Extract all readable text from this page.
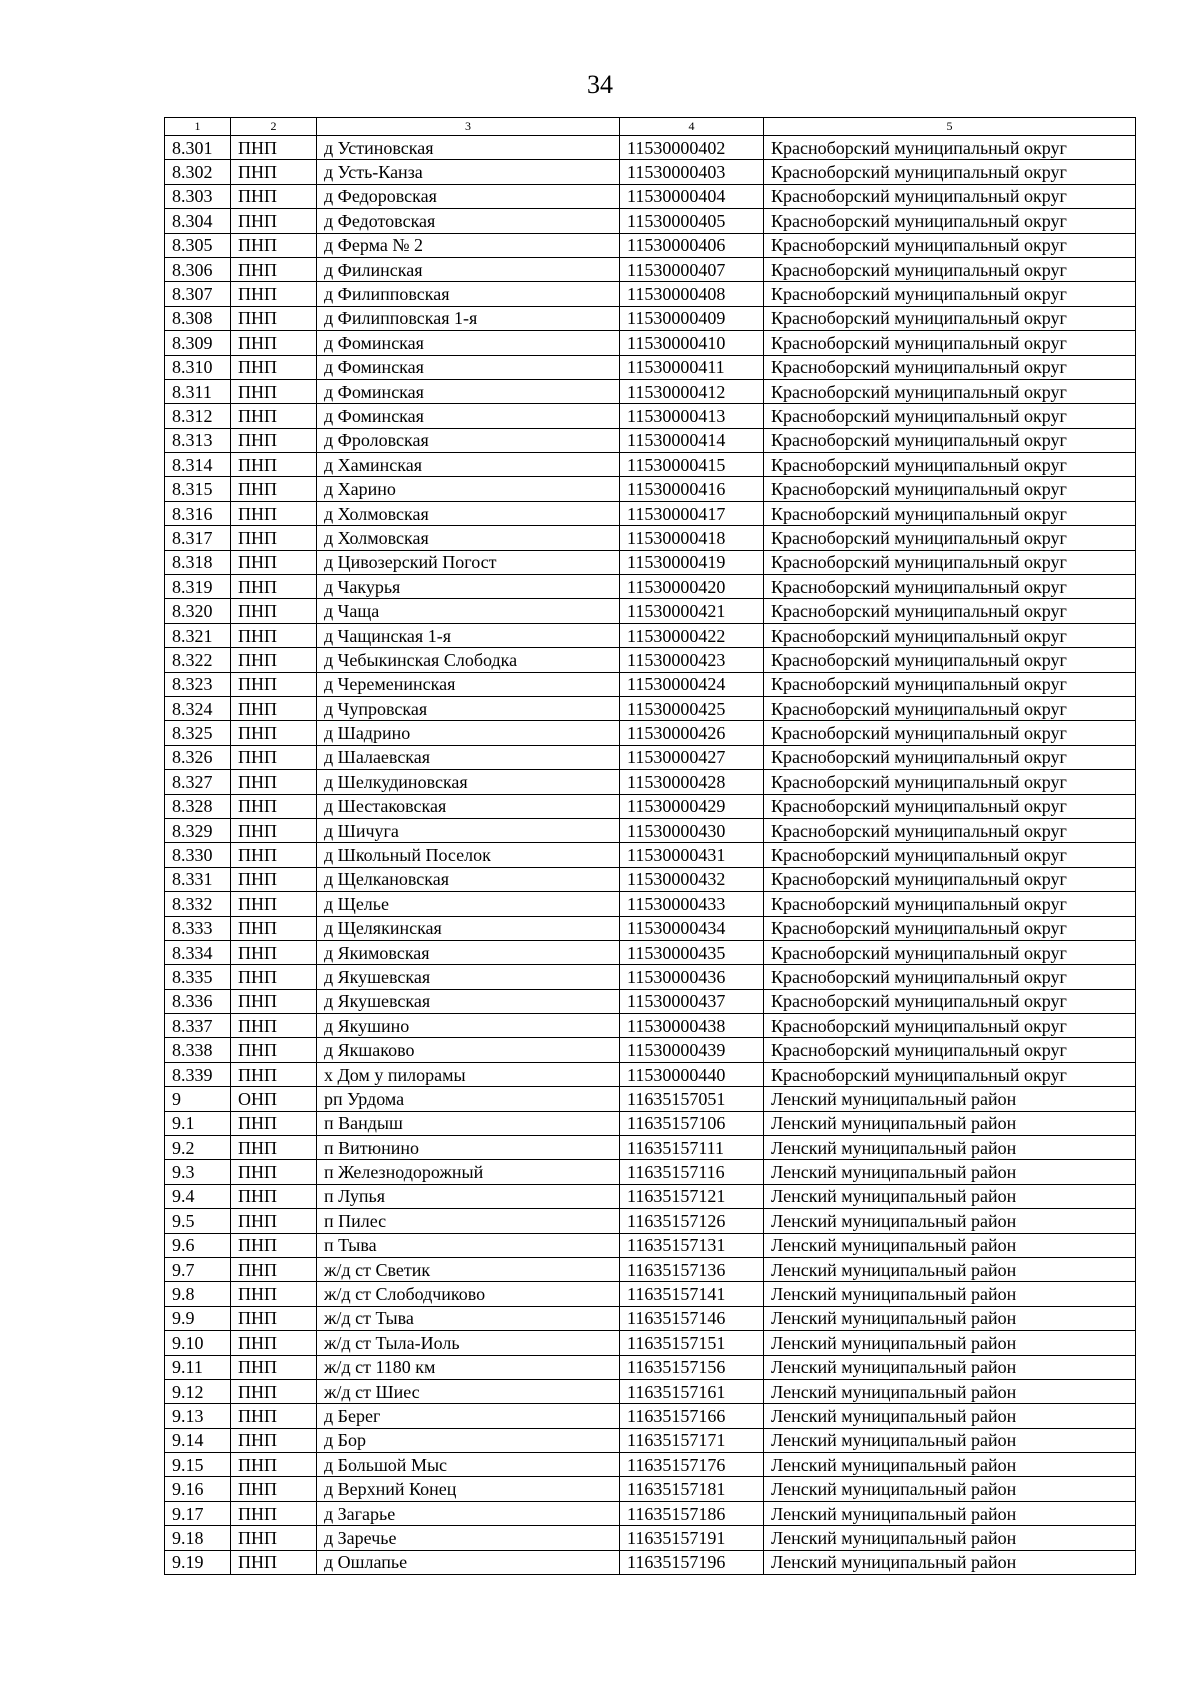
34
1	2	3	4	5
8.301	ПНП	д Устиновская	11530000402	Красноборский муниципальный округ
8.302	ПНП	д Усть-Канза	11530000403	Красноборский муниципальный округ
8.303	ПНП	д Федоровская	11530000404	Красноборский муниципальный округ
8.304	ПНП	д Федотовская	11530000405	Красноборский муниципальный округ
8.305	ПНП	д Ферма № 2	11530000406	Красноборский муниципальный округ
8.306	ПНП	д Филинская	11530000407	Красноборский муниципальный округ
8.307	ПНП	д Филипповская	11530000408	Красноборский муниципальный округ
8.308	ПНП	д Филипповская 1-я	11530000409	Красноборский муниципальный округ
8.309	ПНП	д Фоминская	11530000410	Красноборский муниципальный округ
8.310	ПНП	д Фоминская	11530000411	Красноборский муниципальный округ
8.311	ПНП	д Фоминская	11530000412	Красноборский муниципальный округ
8.312	ПНП	д Фоминская	11530000413	Красноборский муниципальный округ
8.313	ПНП	д Фроловская	11530000414	Красноборский муниципальный округ
8.314	ПНП	д Хаминская	11530000415	Красноборский муниципальный округ
8.315	ПНП	д Харино	11530000416	Красноборский муниципальный округ
8.316	ПНП	д Холмовская	11530000417	Красноборский муниципальный округ
8.317	ПНП	д Холмовская	11530000418	Красноборский муниципальный округ
8.318	ПНП	д Цивозерский Погост	11530000419	Красноборский муниципальный округ
8.319	ПНП	д Чакурья	11530000420	Красноборский муниципальный округ
8.320	ПНП	д Чаща	11530000421	Красноборский муниципальный округ
8.321	ПНП	д Чащинская 1-я	11530000422	Красноборский муниципальный округ
8.322	ПНП	д Чебыкинская Слободка	11530000423	Красноборский муниципальный округ
8.323	ПНП	д Череменинская	11530000424	Красноборский муниципальный округ
8.324	ПНП	д Чупровская	11530000425	Красноборский муниципальный округ
8.325	ПНП	д Шадрино	11530000426	Красноборский муниципальный округ
8.326	ПНП	д Шалаевская	11530000427	Красноборский муниципальный округ
8.327	ПНП	д Шелкудиновская	11530000428	Красноборский муниципальный округ
8.328	ПНП	д Шестаковская	11530000429	Красноборский муниципальный округ
8.329	ПНП	д Шичуга	11530000430	Красноборский муниципальный округ
8.330	ПНП	д Школьный Поселок	11530000431	Красноборский муниципальный округ
8.331	ПНП	д Щелкановская	11530000432	Красноборский муниципальный округ
8.332	ПНП	д Щелье	11530000433	Красноборский муниципальный округ
8.333	ПНП	д Щелякинская	11530000434	Красноборский муниципальный округ
8.334	ПНП	д Якимовская	11530000435	Красноборский муниципальный округ
8.335	ПНП	д Якушевская	11530000436	Красноборский муниципальный округ
8.336	ПНП	д Якушевская	11530000437	Красноборский муниципальный округ
8.337	ПНП	д Якушино	11530000438	Красноборский муниципальный округ
8.338	ПНП	д Якшаково	11530000439	Красноборский муниципальный округ
8.339	ПНП	х Дом у пилорамы	11530000440	Красноборский муниципальный округ
9	ОНП	рп Урдома	11635157051	Ленский муниципальный район
9.1	ПНП	п Вандыш	11635157106	Ленский муниципальный район
9.2	ПНП	п Витюнино	11635157111	Ленский муниципальный район
9.3	ПНП	п Железнодорожный	11635157116	Ленский муниципальный район
9.4	ПНП	п Лупья	11635157121	Ленский муниципальный район
9.5	ПНП	п Пилес	11635157126	Ленский муниципальный район
9.6	ПНП	п Тыва	11635157131	Ленский муниципальный район
9.7	ПНП	ж/д ст Светик	11635157136	Ленский муниципальный район
9.8	ПНП	ж/д ст Слободчиково	11635157141	Ленский муниципальный район
9.9	ПНП	ж/д ст Тыва	11635157146	Ленский муниципальный район
9.10	ПНП	ж/д ст Тыла-Иоль	11635157151	Ленский муниципальный район
9.11	ПНП	ж/д ст 1180 км	11635157156	Ленский муниципальный район
9.12	ПНП	ж/д ст Шиес	11635157161	Ленский муниципальный район
9.13	ПНП	д Берег	11635157166	Ленский муниципальный район
9.14	ПНП	д Бор	11635157171	Ленский муниципальный район
9.15	ПНП	д Большой Мыс	11635157176	Ленский муниципальный район
9.16	ПНП	д Верхний Конец	11635157181	Ленский муниципальный район
9.17	ПНП	д Загарье	11635157186	Ленский муниципальный район
9.18	ПНП	д Заречье	11635157191	Ленский муниципальный район
9.19	ПНП	д Ошлапье	11635157196	Ленский муниципальный район
